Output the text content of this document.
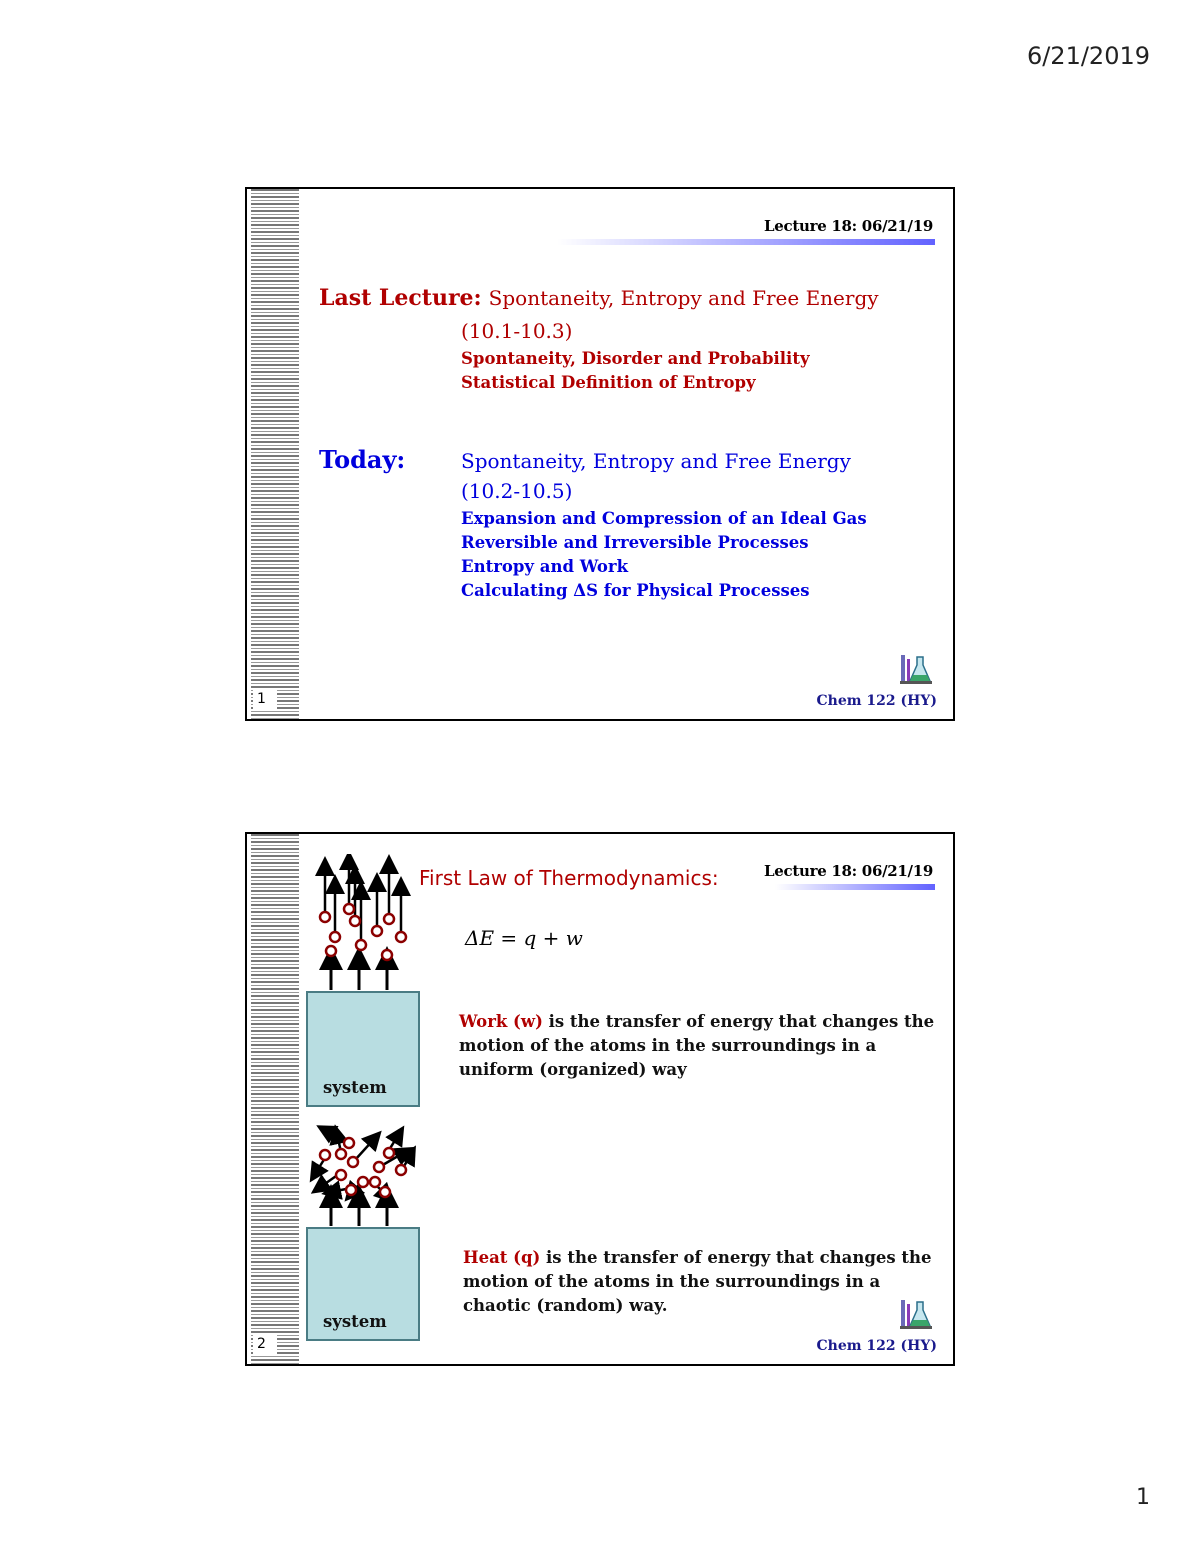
6/21/2019
1
Lecture 18: 06/21/19
Last Lecture: Spontaneity, Entropy and Free Energy
(10.1-10.3)
Spontaneity, Disorder and Probability
Statistical Definition of Entropy
Today:	Spontaneity, Entropy and Free Energy
(10.2-10.5)
Expansion and Compression of an Ideal Gas
Reversible and Irreversible Processes
Entropy and Work
Calculating ΔS for Physical Processes
Chem 122 (HY)
2
First Law of Thermodynamics:	Lecture 18: 06/21/19
ΔE = q + w
Work (w) is the transfer of energy that changes the
motion of the atoms in the surroundings in a
uniform (organized) way
Heat (q) is the transfer of energy that changes the
motion of the atoms in the surroundings in a
chaotic (random) way.
system
system
Chem 122 (HY)
1
